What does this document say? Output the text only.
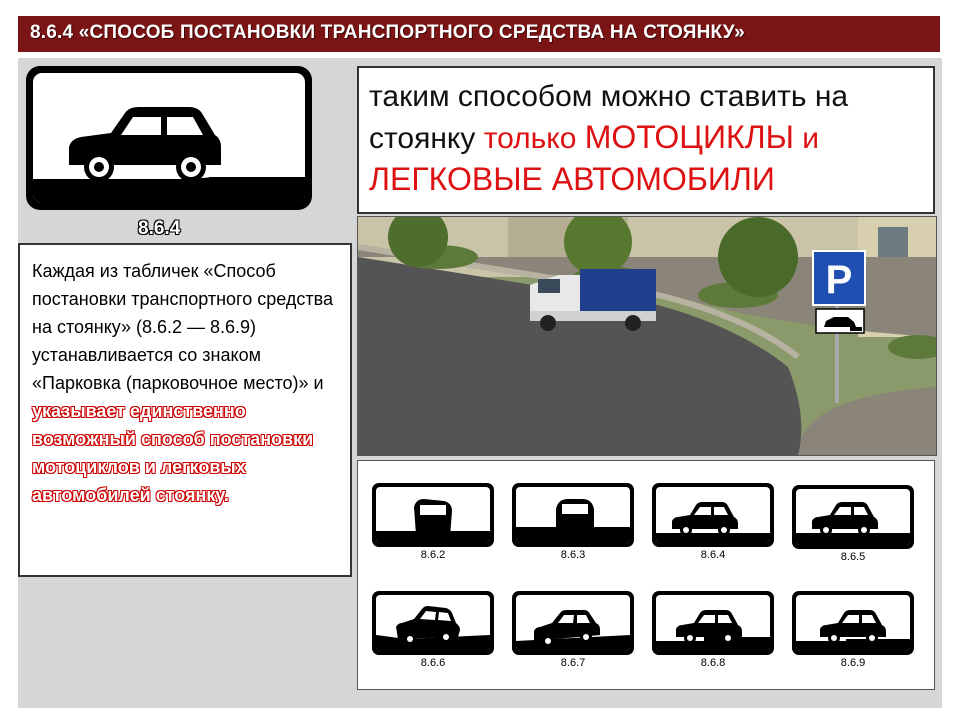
8.6.4 «СПОСОБ ПОСТАНОВКИ ТРАНСПОРТНОГО СРЕДСТВА НА СТОЯНКУ»
8.6.4

Каждая из табличек «Способ постановки транспортного средства на стоянку» (8.6.2 — 8.6.9) устанавливается со знаком «Парковка (парковочное место)» и указывает единственно возможный способ постановки мотоциклов и легковых автомобилей стоянку.

таким способом можно ставить на стоянку только МОТОЦИКЛЫ и ЛЕГКОВЫЕ АВТОМОБИЛИ

P
8.6.2	8.6.3	8.6.4	8.6.5
8.6.6	8.6.7	8.6.8	8.6.9
